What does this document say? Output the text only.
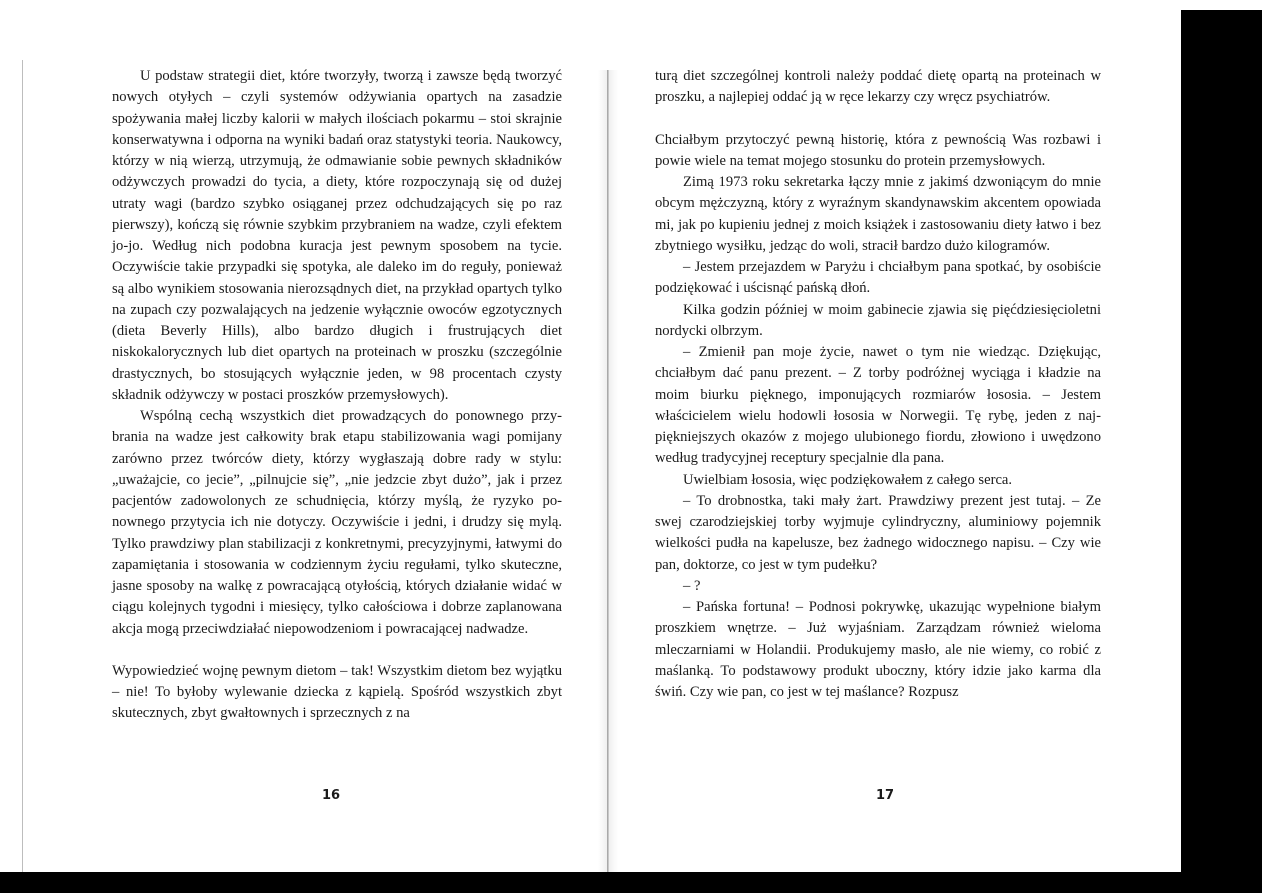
U podstaw strategii diet, które tworzyły, tworzą i zawsze będą tworzyć nowych otyłych – czyli systemów odżywiania opartych na zasadzie spożywania małej liczby kalorii w małych ilościach pokarmu – stoi skrajnie konserwatywna i odporna na wyniki badań oraz statystyki teoria. Naukowcy, którzy w nią wierzą, utrzymują, że odmawianie sobie pewnych składników odżywczych prowadzi do tycia, a diety, które rozpoczynają się od dużej utraty wagi (bardzo szybko osiąganej przez odchudzających się po raz pierwszy), kończą się równie szybkim przybraniem na wadze, czyli efektem jo-jo. Według nich podobna kuracja jest pewnym sposobem na tycie. Oczywiście takie przypadki się spotyka, ale daleko im do reguły, ponieważ są albo wynikiem stosowania nierozsądnych diet, na przykład opartych tylko na zupach czy pozwalających na jedzenie wyłącznie owoców egzotycznych (dieta Beverly Hills), albo bardzo długich i frustrujących diet niskokalorycznych lub diet opartych na proteinach w proszku (szczególnie drastycznych, bo stosujących wyłącznie jeden, w 98 procentach czysty składnik odżywczy w postaci proszków przemysłowych).

Wspólną cechą wszystkich diet prowadzących do ponownego przybrania na wadze jest całkowity brak etapu stabilizowania wagi pomijany zarówno przez twórców diety, którzy wygłaszają dobre rady w stylu: „uważajcie, co jecie”, „pilnujcie się”, „nie jedzcie zbyt dużo”, jak i przez pacjentów zadowolonych ze schudnięcia, którzy myślą, że ryzyko ponownego przytycia ich nie dotyczy. Oczywiście i jedni, i drudzy się mylą. Tylko prawdziwy plan stabilizacji z konkretnymi, precyzyjnymi, łatwymi do zapamiętania i stosowania w codziennym życiu regułami, tylko skuteczne, jasne sposoby na walkę z powracającą otyłością, których działanie widać w ciągu kolejnych tygodni i miesięcy, tylko całościowa i dobrze zaplanowana akcja mogą przeciwdziałać niepowodzeniom i powracającej nadwadze.

Wypowiedzieć wojnę pewnym dietom – tak! Wszystkim dietom bez wyjątku – nie! To byłoby wylewanie dziecka z kąpielą. Spośród wszystkich zbyt skutecznych, zbyt gwałtownych i sprzecznych z na

16

turą diet szczególnej kontroli należy poddać dietę opartą na proteinach w proszku, a najlepiej oddać ją w ręce lekarzy czy wręcz psychiatrów.

Chciałbym przytoczyć pewną historię, która z pewnością Was rozbawi i powie wiele na temat mojego stosunku do protein przemysłowych.

Zimą 1973 roku sekretarka łączy mnie z jakimś dzwoniącym do mnie obcym mężczyzną, który z wyraźnym skandynawskim akcentem opowiada mi, jak po kupieniu jednej z moich książek i zastosowaniu diety łatwo i bez zbytniego wysiłku, jedząc do woli, stracił bardzo dużo kilogramów.

– Jestem przejazdem w Paryżu i chciałbym pana spotkać, by osobiście podziękować i uścisnąć pańską dłoń.

Kilka godzin później w moim gabinecie zjawia się pięćdziesięcioletni nordycki olbrzym.

– Zmienił pan moje życie, nawet o tym nie wiedząc. Dziękując, chciałbym dać panu prezent. – Z torby podróżnej wyciąga i kładzie na moim biurku pięknego, imponujących rozmiarów łososia. – Jestem właścicielem wielu hodowli łososia w Norwegii. Tę rybę, jeden z najpiękniejszych okazów z mojego ulubionego fiordu, złowiono i uwędzono według tradycyjnej receptury specjalnie dla pana.

Uwielbiam łososia, więc podziękowałem z całego serca.

– To drobnostka, taki mały żart. Prawdziwy prezent jest tutaj. – Ze swej czarodziejskiej torby wyjmuje cylindryczny, aluminiowy pojemnik wielkości pudła na kapelusze, bez żadnego widocznego napisu. – Czy wie pan, doktorze, co jest w tym pudełku?

– ?

– Pańska fortuna! – Podnosi pokrywkę, ukazując wypełnione białym proszkiem wnętrze. – Już wyjaśniam. Zarządzam również wieloma mleczarniami w Holandii. Produkujemy masło, ale nie wiemy, co robić z maślanką. To podstawowy produkt uboczny, który idzie jako karma dla świń. Czy wie pan, co jest w tej maślance? Rozpusz

17
